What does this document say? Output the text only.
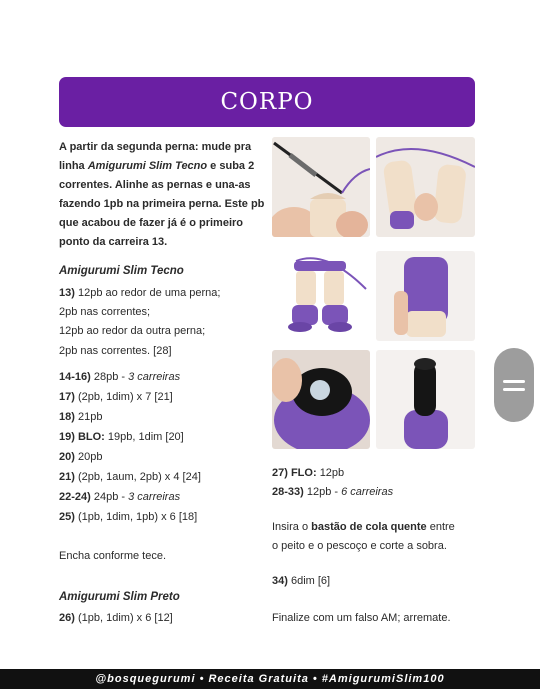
CORPO
A partir da segunda perna: mude pra linha Amigurumi Slim Tecno e suba 2 correntes. Alinhe as pernas e una-as fazendo 1pb na primeira perna. Este pb que acabou de fazer já é o primeiro ponto da carreira 13.
Amigurumi Slim Tecno
13) 12pb ao redor de uma perna;
2pb nas correntes;
12pb ao redor da outra perna;
2pb nas correntes. [28]
14-16) 28pb - 3 carreiras
17) (2pb, 1dim) x 7 [21]
18) 21pb
19) BLO: 19pb, 1dim [20]
20) 20pb
21) (2pb, 1aum, 2pb) x 4 [24]
22-24) 24pb - 3 carreiras
25) (1pb, 1dim, 1pb) x 6 [18]
Encha conforme tece.
Amigurumi Slim Preto
26) (1pb, 1dim) x 6 [12]
27) FLO: 12pb
28-33) 12pb - 6 carreiras
Insira o bastão de cola quente entre
o peito e o pescoço e corte a sobra.
34) 6dim [6]
Finalize com um falso AM; arremate.
@bosquegurumi • Receita Gratuita • #AmigurumiSlim100
